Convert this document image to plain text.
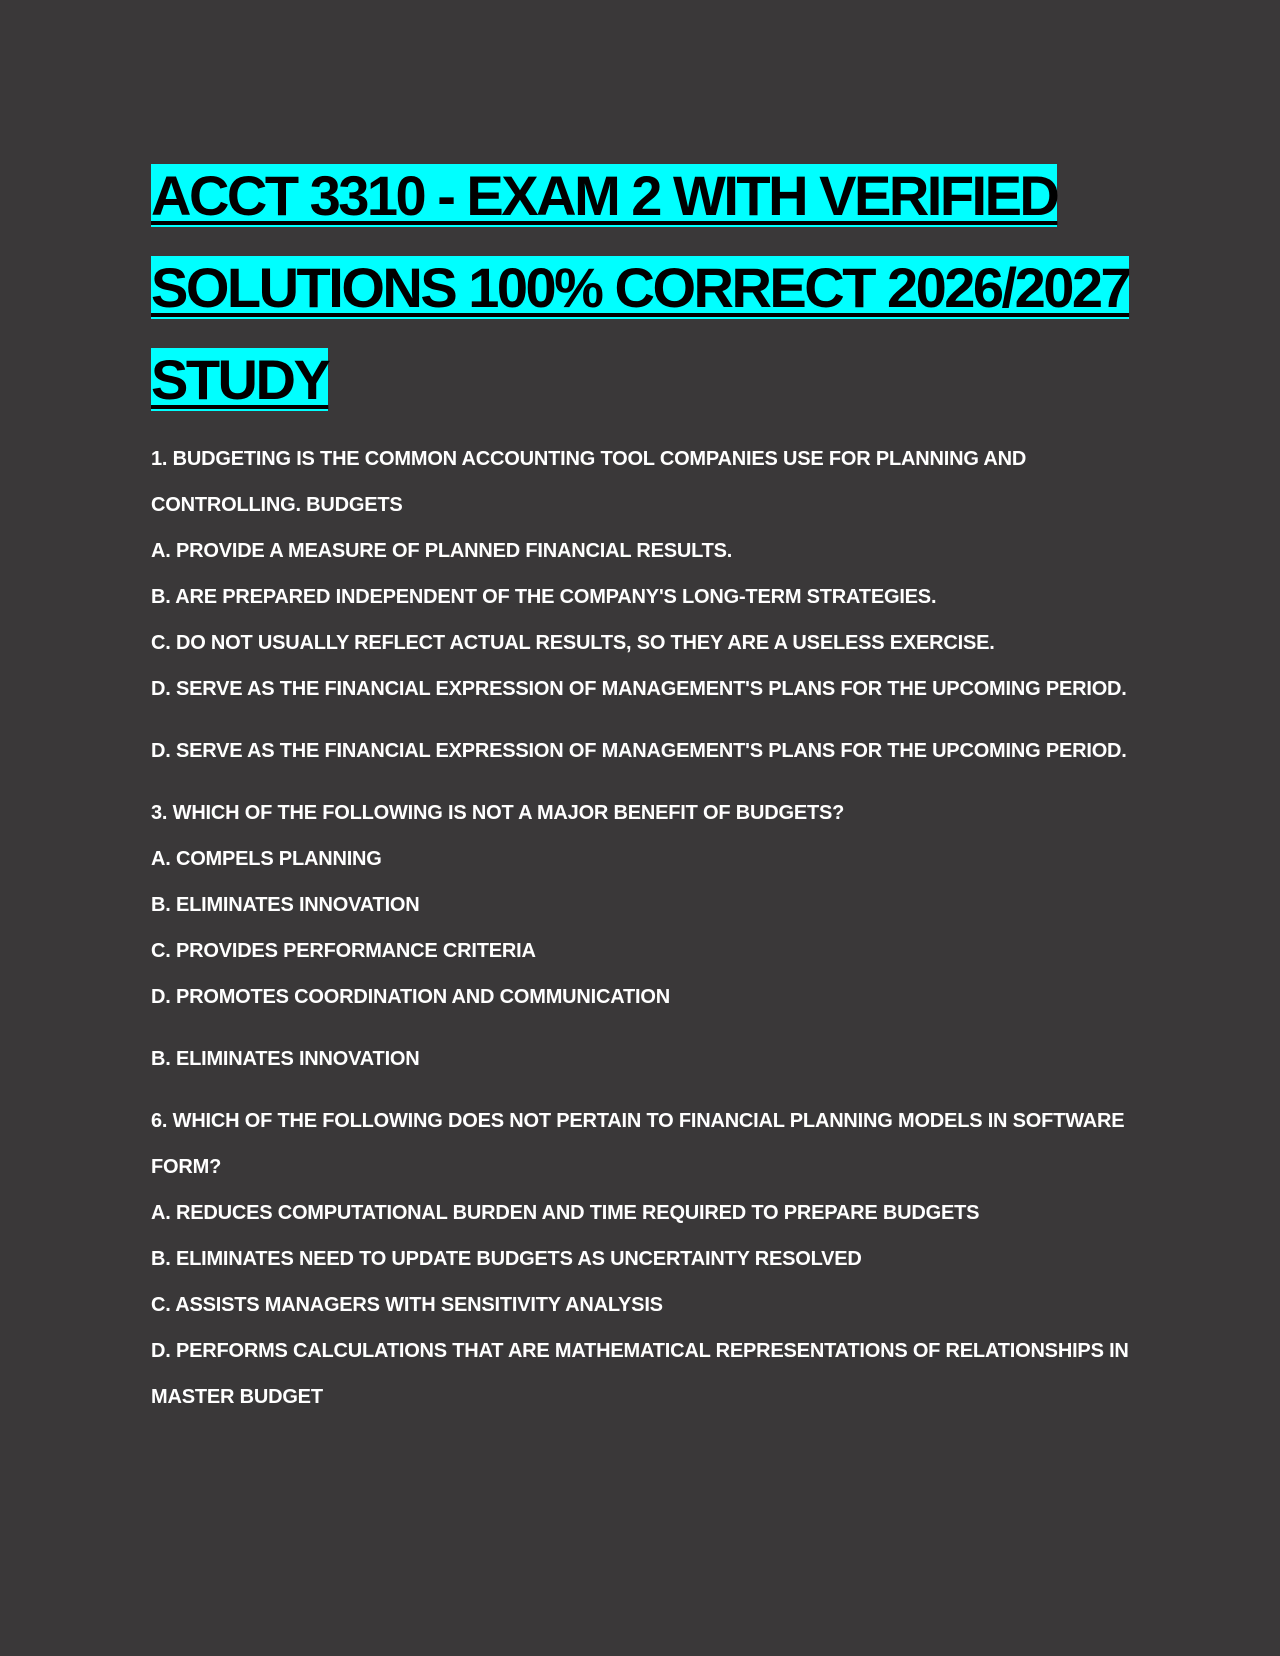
ACCT 3310 - EXAM 2 WITH VERIFIED SOLUTIONS 100% CORRECT 2026/2027 STUDY
1. BUDGETING IS THE COMMON ACCOUNTING TOOL COMPANIES USE FOR PLANNING AND CONTROLLING. BUDGETS
A. PROVIDE A MEASURE OF PLANNED FINANCIAL RESULTS.
B. ARE PREPARED INDEPENDENT OF THE COMPANY'S LONG-TERM STRATEGIES.
C. DO NOT USUALLY REFLECT ACTUAL RESULTS, SO THEY ARE A USELESS EXERCISE.
D. SERVE AS THE FINANCIAL EXPRESSION OF MANAGEMENT'S PLANS FOR THE UPCOMING PERIOD.
D. SERVE AS THE FINANCIAL EXPRESSION OF MANAGEMENT'S PLANS FOR THE UPCOMING PERIOD.
3. WHICH OF THE FOLLOWING IS NOT A MAJOR BENEFIT OF BUDGETS?
A. COMPELS PLANNING
B. ELIMINATES INNOVATION
C. PROVIDES PERFORMANCE CRITERIA
D. PROMOTES COORDINATION AND COMMUNICATION
B. ELIMINATES INNOVATION
6. WHICH OF THE FOLLOWING DOES NOT PERTAIN TO FINANCIAL PLANNING MODELS IN SOFTWARE FORM?
A. REDUCES COMPUTATIONAL BURDEN AND TIME REQUIRED TO PREPARE BUDGETS
B. ELIMINATES NEED TO UPDATE BUDGETS AS UNCERTAINTY RESOLVED
C. ASSISTS MANAGERS WITH SENSITIVITY ANALYSIS
D. PERFORMS CALCULATIONS THAT ARE MATHEMATICAL REPRESENTATIONS OF RELATIONSHIPS IN MASTER BUDGET
